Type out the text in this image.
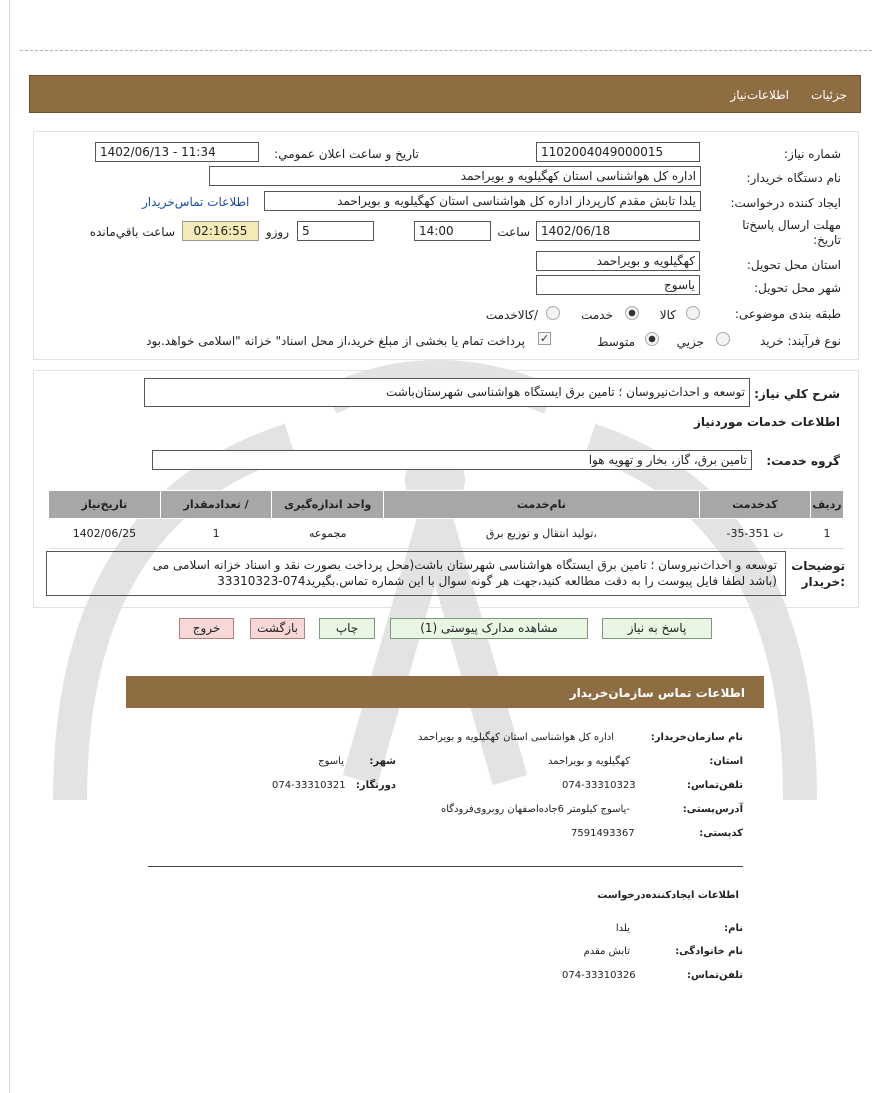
جزئيات
اطلاعات‌نياز
شماره نياز:
1102004049000015
تاريخ و ساعت اعلان عمومي:
1402/06/13 - 11:34
نام دستگاه خريدار:
اداره کل هواشناسی استان کهگیلویه و بویراحمد
ايجاد کننده درخواست:
یلدا تابش مقدم کارپرداز اداره کل هواشناسی استان کهگیلویه و بویراحمد
اطلاعات تماس‌خريدار
مهلت ارسال پاسخ‌تا
تاريخ:
1402/06/18
ساعت
14:00
5
روزو
02:16:55
ساعت باقي‌مانده
استان محل تحويل:
کهگیلویه و بویراحمد
شهر محل تحويل:
یاسوج
طبقه بندی موضوعی:
کالا
خدمت
/کالاخدمت
نوع فرآيند: خريد
جزيي
متوسط
✓
پرداخت تمام يا بخشی از مبلغ خريد،از محل اسناد" خزانه "اسلامی خواهد.بود
شرح کلي نياز:
توسعه و احداث‌نیروسان ؛ تامین برق ایستگاه هواشناسی شهرستان‌باشت
اطلاعات خدمات موردنياز
گروه خدمت:
تامین برق، گاز، بخار و تهویه هوا
رديف	کدخدمت	نام‌خدمت	واحد اندازه‌گيری	/ تعدادمقدار	تاريخ‌نياز
1	ت 351-35-	،تولید انتقال و توزیع برق	مجموعه	1	1402/06/25
توضيحات
:خريدار
توسعه و احداث‌نیروسان ؛ تامین برق ایستگاه هواشناسی شهرستان باشت(محل پرداخت بصورت نقد و اسناد خزانه اسلامی می
(باشد لطفا فایل پیوست را به دقت مطالعه کنید،جهت هر گونه سوال با این شماره تماس.بگیرید074-33310323
پاسخ به نياز
مشاهده مدارک پيوستی (1)
چاپ
بازگشت
خروج
اطلاعات تماس سازمان‌خريدار
نام سازمان‌خريدار:
اداره کل هواشناسی استان کهگیلویه و بویراحمد
استان:
کهگیلویه و بویراحمد
شهر:
یاسوج
تلفن‌تماس:
074-33310323
دورنگار:
074-33310321
آدرس‌پستی:
-یاسوج کیلومتر 6جاده‌اصفهان روبروی‌فرودگاه
کدپستی:
7591493367
اطلاعات ايجادکننده‌درخواست
نام:
یلدا
نام خانوادگی:
تابش مقدم
تلفن‌تماس:
074-33310326
